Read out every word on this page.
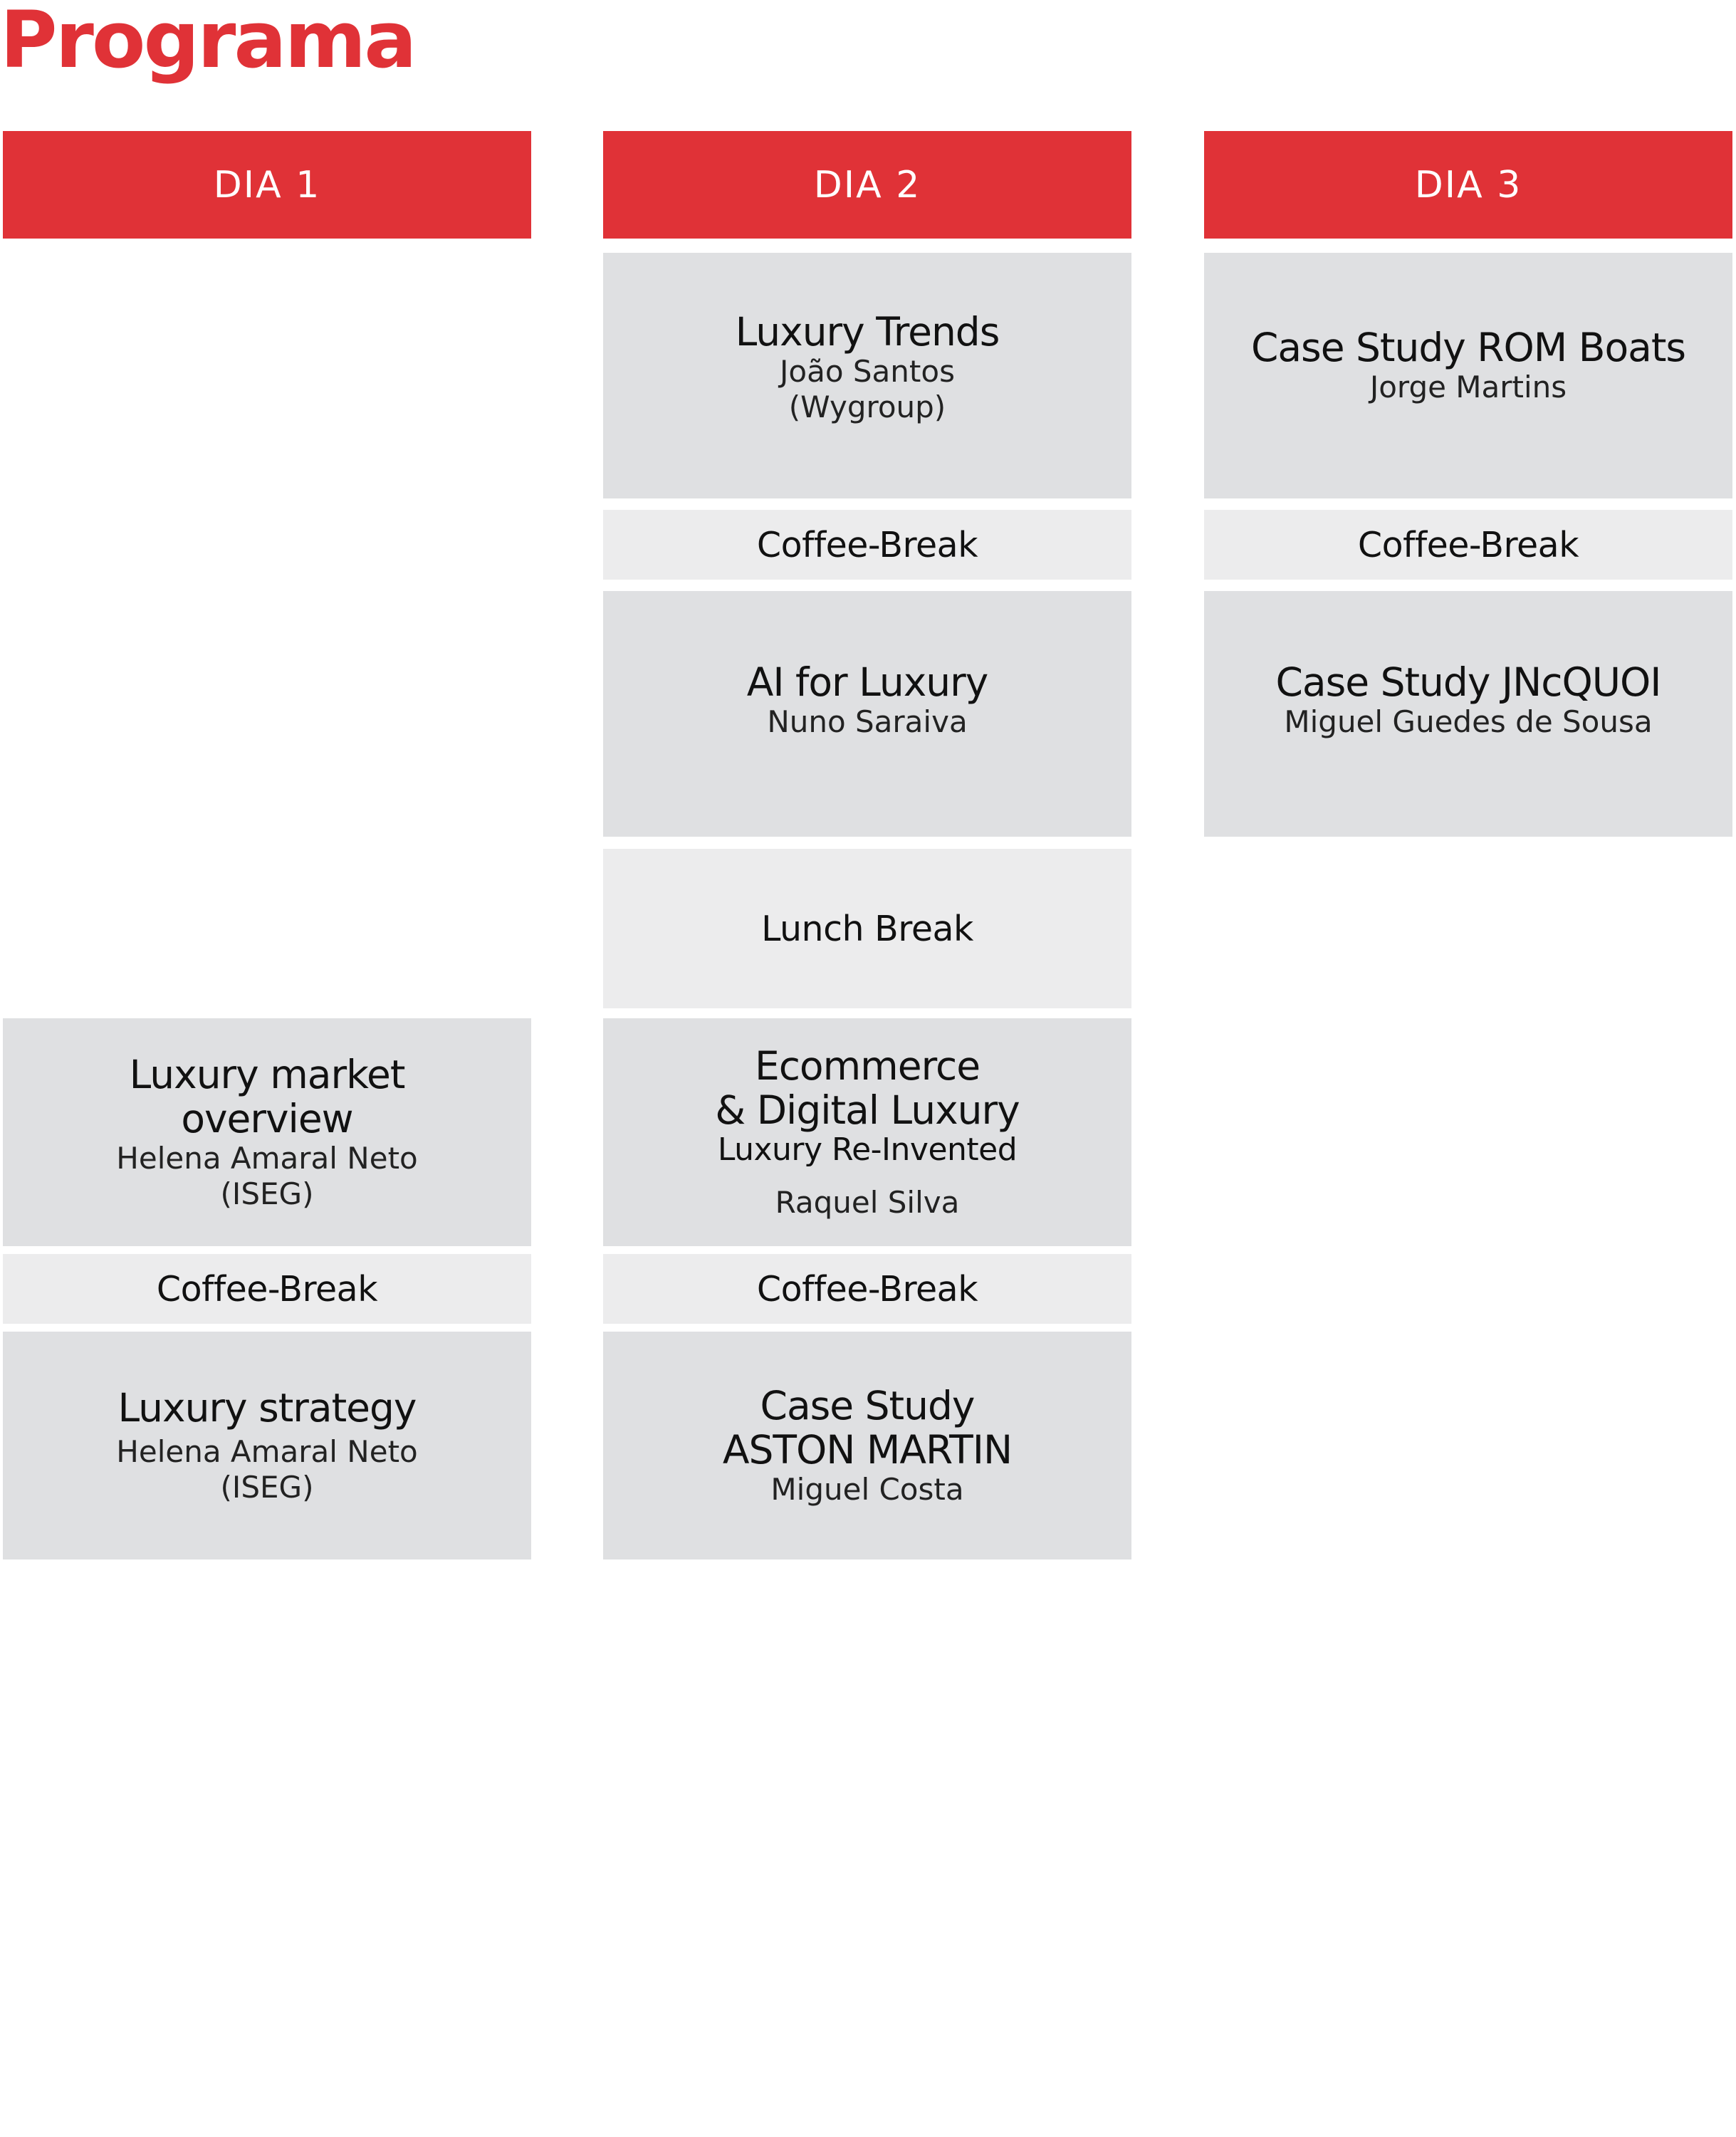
Programa
DIA 1
Luxury market
overview
Helena Amaral Neto
(ISEG)
Coffee-Break
Luxury strategy
Helena Amaral Neto
(ISEG)
DIA 2
Luxury Trends
João Santos
(Wygroup)
Coffee-Break
AI for Luxury
Nuno Saraiva
Lunch Break
Ecommerce
& Digital Luxury
Luxury Re-Invented
Raquel Silva
Coffee-Break
Case Study
ASTON MARTIN
Miguel Costa
DIA 3
Case Study ROM Boats
Jorge Martins
Coffee-Break
Case Study JNcQUOI
Miguel Guedes de Sousa
